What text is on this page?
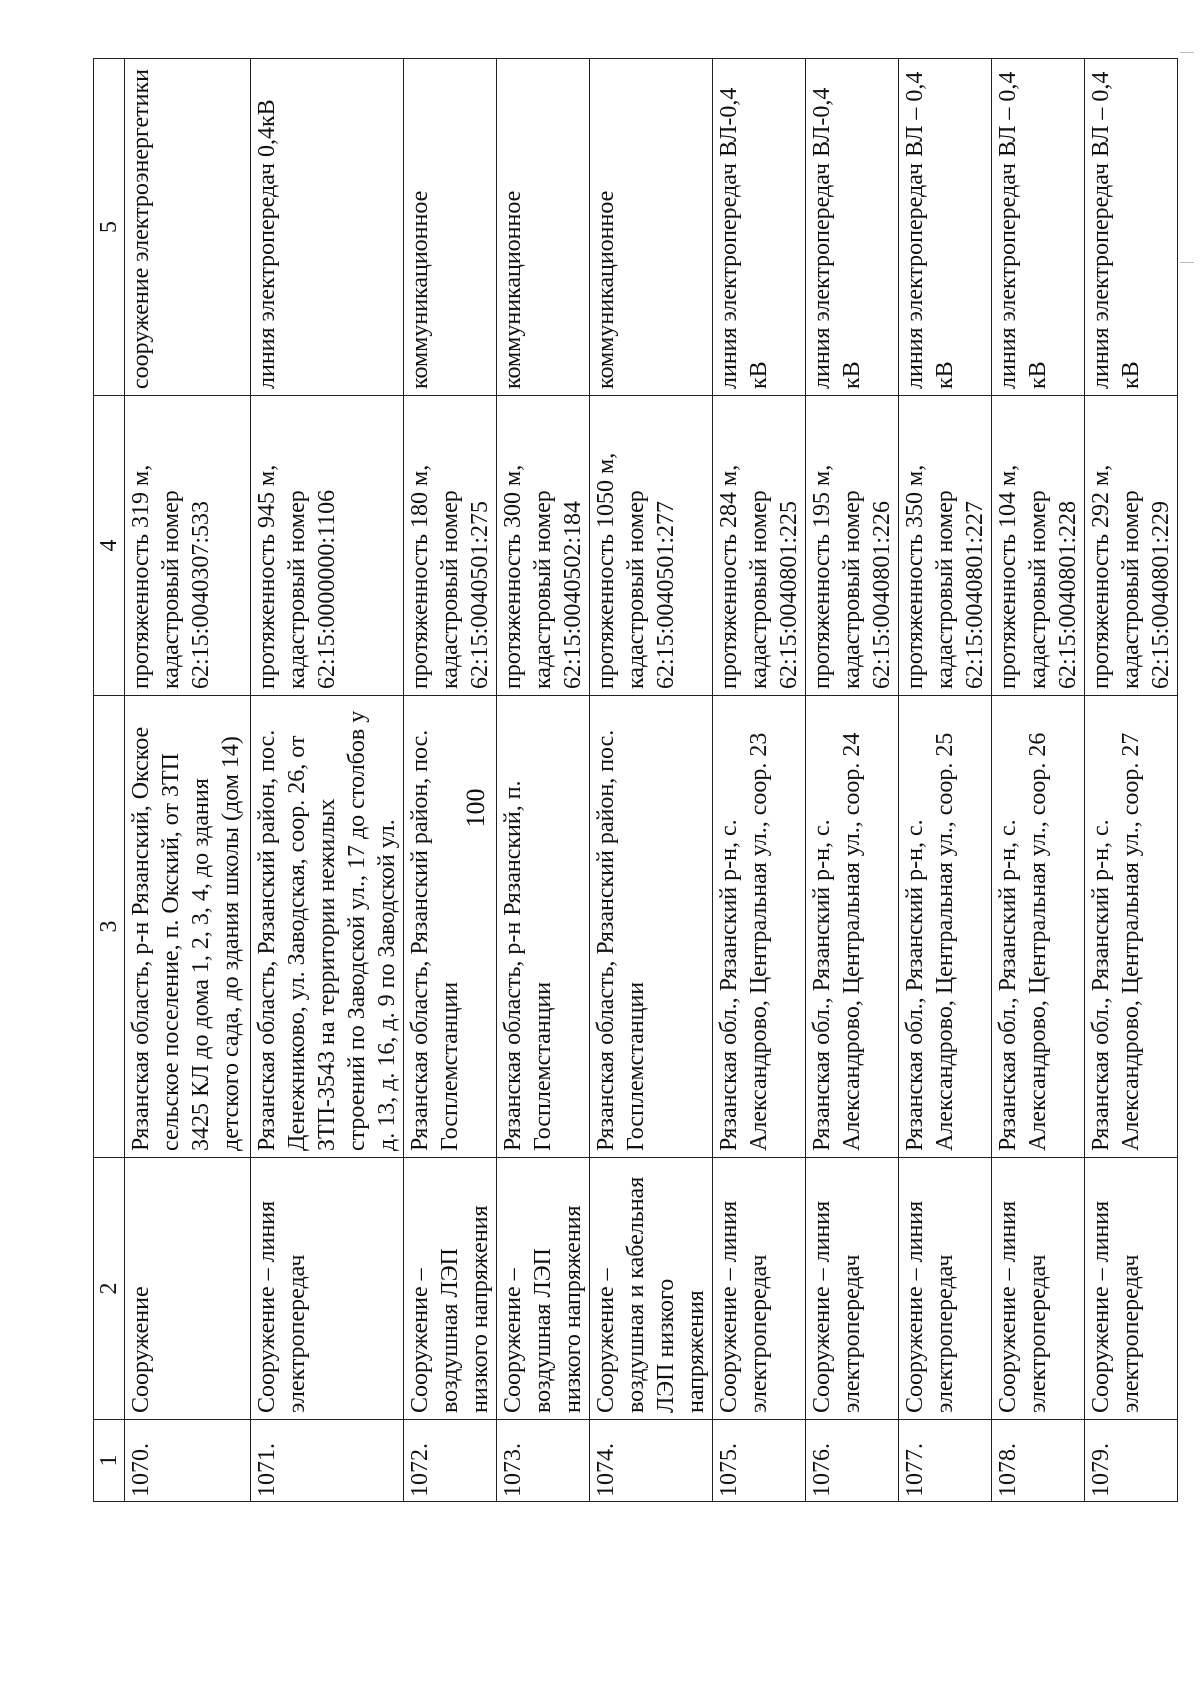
100
1	2	3	4	5
1070.	Сооружение	Рязанская область, р-н Рязанский, Окское сельское поселение, п. Окский, от ЗТП 3425 КЛ до дома 1, 2, 3, 4, до здания детского сада, до здания школы (дом 14)	протяженность 319 м, кадастровый номер 62:15:0040307:533	сооружение электроэнергетики
1071.	Сооружение – линия электропередач	Рязанская область, Рязанский район, пос. Денежниково, ул. Заводская, соор. 26, от ЗТП-3543 на территории нежилых строений по Заводской ул., 17 до столбов у д. 13, д. 16, д. 9 по Заводской ул.	протяженность 945 м, кадастровый номер 62:15:0000000:1106	линия электропередач 0,4кВ
1072.	Сооружение – воздушная ЛЭП низкого напряжения	Рязанская область, Рязанский район, пос. Госплемстанции	протяженность 180 м, кадастровый номер 62:15:0040501:275	коммуникационное
1073.	Сооружение – воздушная ЛЭП низкого напряжения	Рязанская область, р-н Рязанский, п. Госплемстанции	протяженность 300 м, кадастровый номер 62:15:0040502:184	коммуникационное
1074.	Сооружение – воздушная и кабельная ЛЭП низкого напряжения	Рязанская область, Рязанский район, пос. Госплемстанции	протяженность 1050 м, кадастровый номер 62:15:0040501:277	коммуникационное
1075.	Сооружение – линия электропередач	Рязанская обл., Рязанский р-н, с. Александрово, Центральная ул., соор. 23	протяженность 284 м, кадастровый номер 62:15:0040801:225	линия электропередач ВЛ-0,4 кВ
1076.	Сооружение – линия электропередач	Рязанская обл., Рязанский р-н, с. Александрово, Центральная ул., соор. 24	протяженность 195 м, кадастровый номер 62:15:0040801:226	линия электропередач ВЛ-0,4 кВ
1077.	Сооружение – линия электропередач	Рязанская обл., Рязанский р-н, с. Александрово, Центральная ул., соор. 25	протяженность 350 м, кадастровый номер 62:15:0040801:227	линия электропередач ВЛ – 0,4 кВ
1078.	Сооружение – линия электропередач	Рязанская обл., Рязанский р-н, с. Александрово, Центральная ул., соор. 26	протяженность 104 м, кадастровый номер 62:15:0040801:228	линия электропередач ВЛ – 0,4 кВ
1079.	Сооружение – линия электропередач	Рязанская обл., Рязанский р-н, с. Александрово, Центральная ул., соор. 27	протяженность 292 м, кадастровый номер 62:15:0040801:229	линия электропередач ВЛ – 0,4 кВ
